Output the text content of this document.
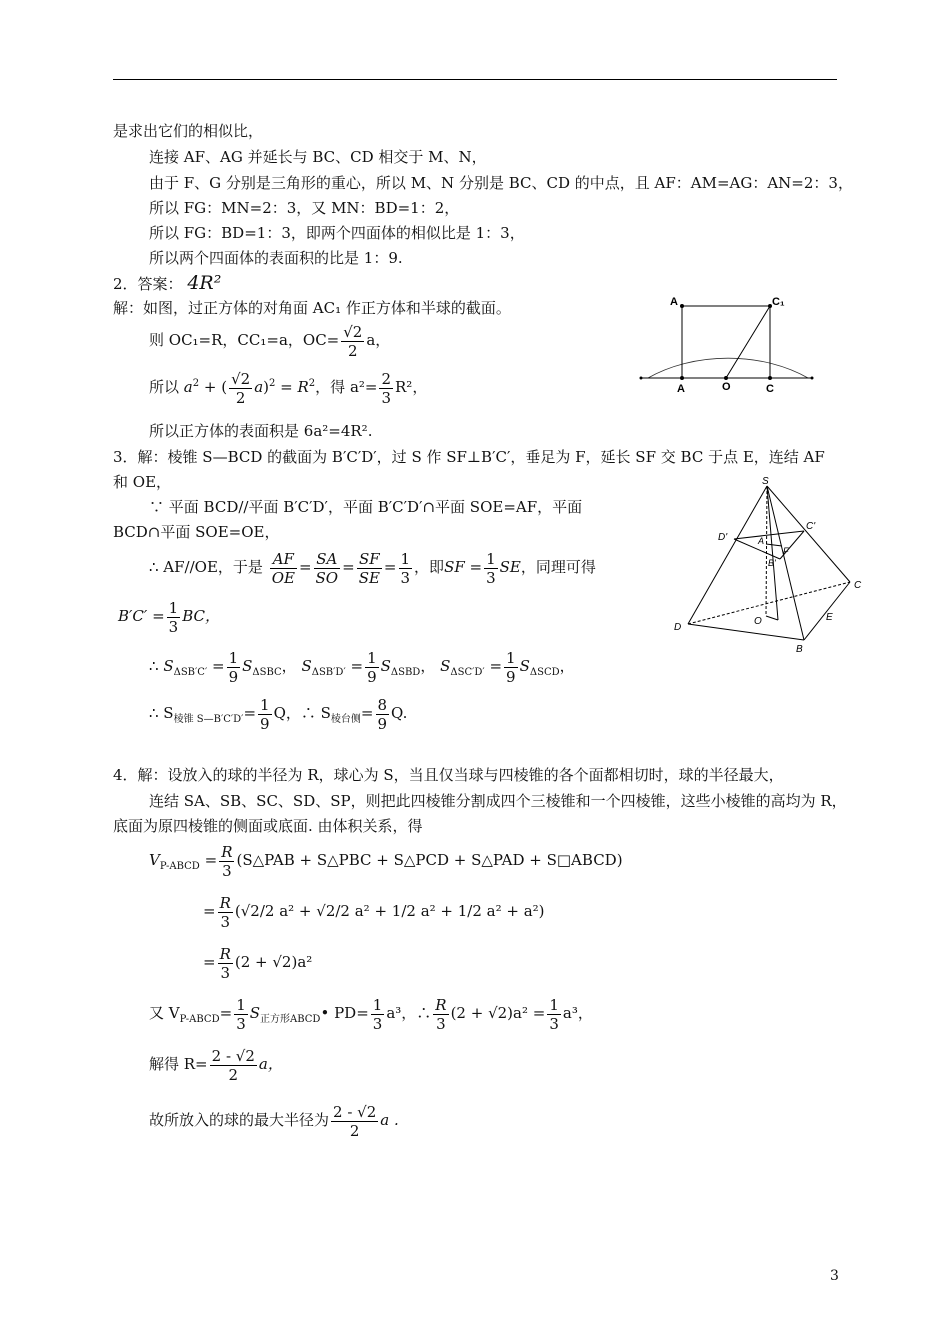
是求出它们的相似比，
连接 AF、AG 并延长与 BC、CD 相交于 M、N，
由于 F、G 分别是三角形的重心，所以 M、N 分别是 BC、CD 的中点，且 AF：AM=AG：AN=2：3，
所以 FG：MN=2：3，又 MN：BD=1：2，
所以 FG：BD=1：3，即两个四面体的相似比是 1：3，
所以两个四面体的表面积的比是 1：9.
2．答案： 4R²
解：如图，过正方体的对角面 AC₁ 作正方体和半球的截面。
则 OC₁=R，CC₁=a，$OC= \frac{√2}{2}$ a，
所以 $a^2$ + ( $\frac{√2}{2} a)^2 = R^2$，得 $a^2= \frac{2}{3} R^2$，
所以正方体的表面积是 6a²=4R².
A	C₁
A	O	C
3．解：棱锥 S—BCD 的截面为 B′C′D′，过 S 作 SF⊥B′C′，垂足为 F，延长 SF 交 BC 于点 E，连结 AF
和 OE，
∵ 平面 BCD//平面 B′C′D′，平面 B′C′D′∩平面 SOE=AF，平面
BCD∩平面 SOE=OE，
∴ AF//OE，于是 $\frac{AF}{OE} = \frac{SA}{SO} = \frac{SF}{SE} = \frac{1}{3}$ ，即SF = $\frac{1}{3}$ SE，同理可得
$B'C' = \frac{1}{3}$ BC，
∴ $S_{\Delta SB'C'} = \frac{1}{9} S_{\Delta SBC}$， $S_{\Delta SB'D'} = \frac{1}{9} S_{\Delta SBD}$， $S_{\Delta SC'D'} = \frac{1}{9} S_{\Delta SCD}$，
∴ $S_{棱锥 S—B'C'D'}= \frac{1}{9}$ Q，∴ $S_{棱台侧}= \frac{8}{9} Q$.
S
C'
D'	A
F
B'
C
D
O	E
B
4．解：设放入的球的半径为 R，球心为 S，当且仅当球与四棱锥的各个面都相切时，球的半径最大，
连结 SA、SB、SC、SD、SP，则把此四棱锥分割成四个三棱锥和一个四棱锥，这些小棱锥的高均为 R，
底面为原四棱锥的侧面或底面. 由体积关系，得
$V_{P-ABCD} = \frac{R}{3}$ (S△PAB + S△PBC + S△PCD + S△PAD + S□ABCD)
= $\frac{R}{3} (√2/2$ a² + √2/2 a² + 1/2 a² + 1/2 a² + a²)
= $\frac{R}{3} (2 + √2)a^2$
又 $V_{P-ABCD}= \frac{1}{3}$ $S_{正方形ABCD}•$ $PD= \frac{1}{3} a^3$，∴ $\frac{R}{3} (2 + √2)a^2 = \frac{1}{3} a^3$，
解得 $R= \frac{2 - √2}{2}$ a，
故所放入的球的最大半径为 $\frac{2 - √2}{2}$ a .
3
